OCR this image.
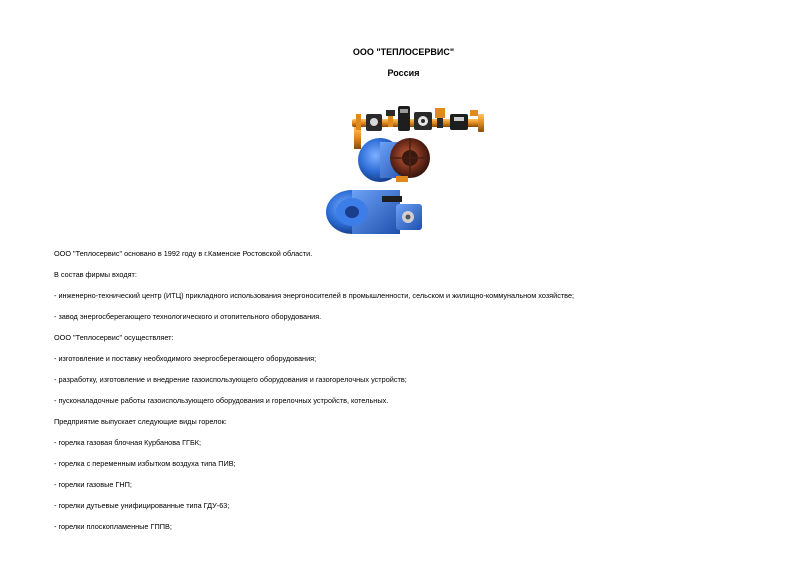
ООО "ТЕПЛОСЕРВИС"
Россия
ООО "Теплосервис" основано в 1992 году в г.Каменске Ростовской области.
В состав фирмы входят:
- инженерно-технический центр (ИТЦ) прикладного использования энергоносителей в промышленности, сельском и жилищно-коммунальном хозяйстве;
- завод энергосберегающего технологического и отопительного оборудования.
ООО "Теплосервис" осуществляет:
- изготовление и поставку необходимого энергосберегающего оборудования;
- разработку, изготовление и внедрение газоиспользующего оборудования и газогорелочных устройств;
- пусконаладочные работы газоиспользующего оборудования и горелочных устройств, котельных.
Предприятие выпускает следующие виды горелок:
- горелка газовая блочная Курбанова ГГБК;
- горелка с переменным избытком воздуха типа ПИВ;
- горелки газовые ГНП;
- горелки дутьевые унифицированные типа ГДУ-63;
- горелки плоскопламенные ГППВ;
